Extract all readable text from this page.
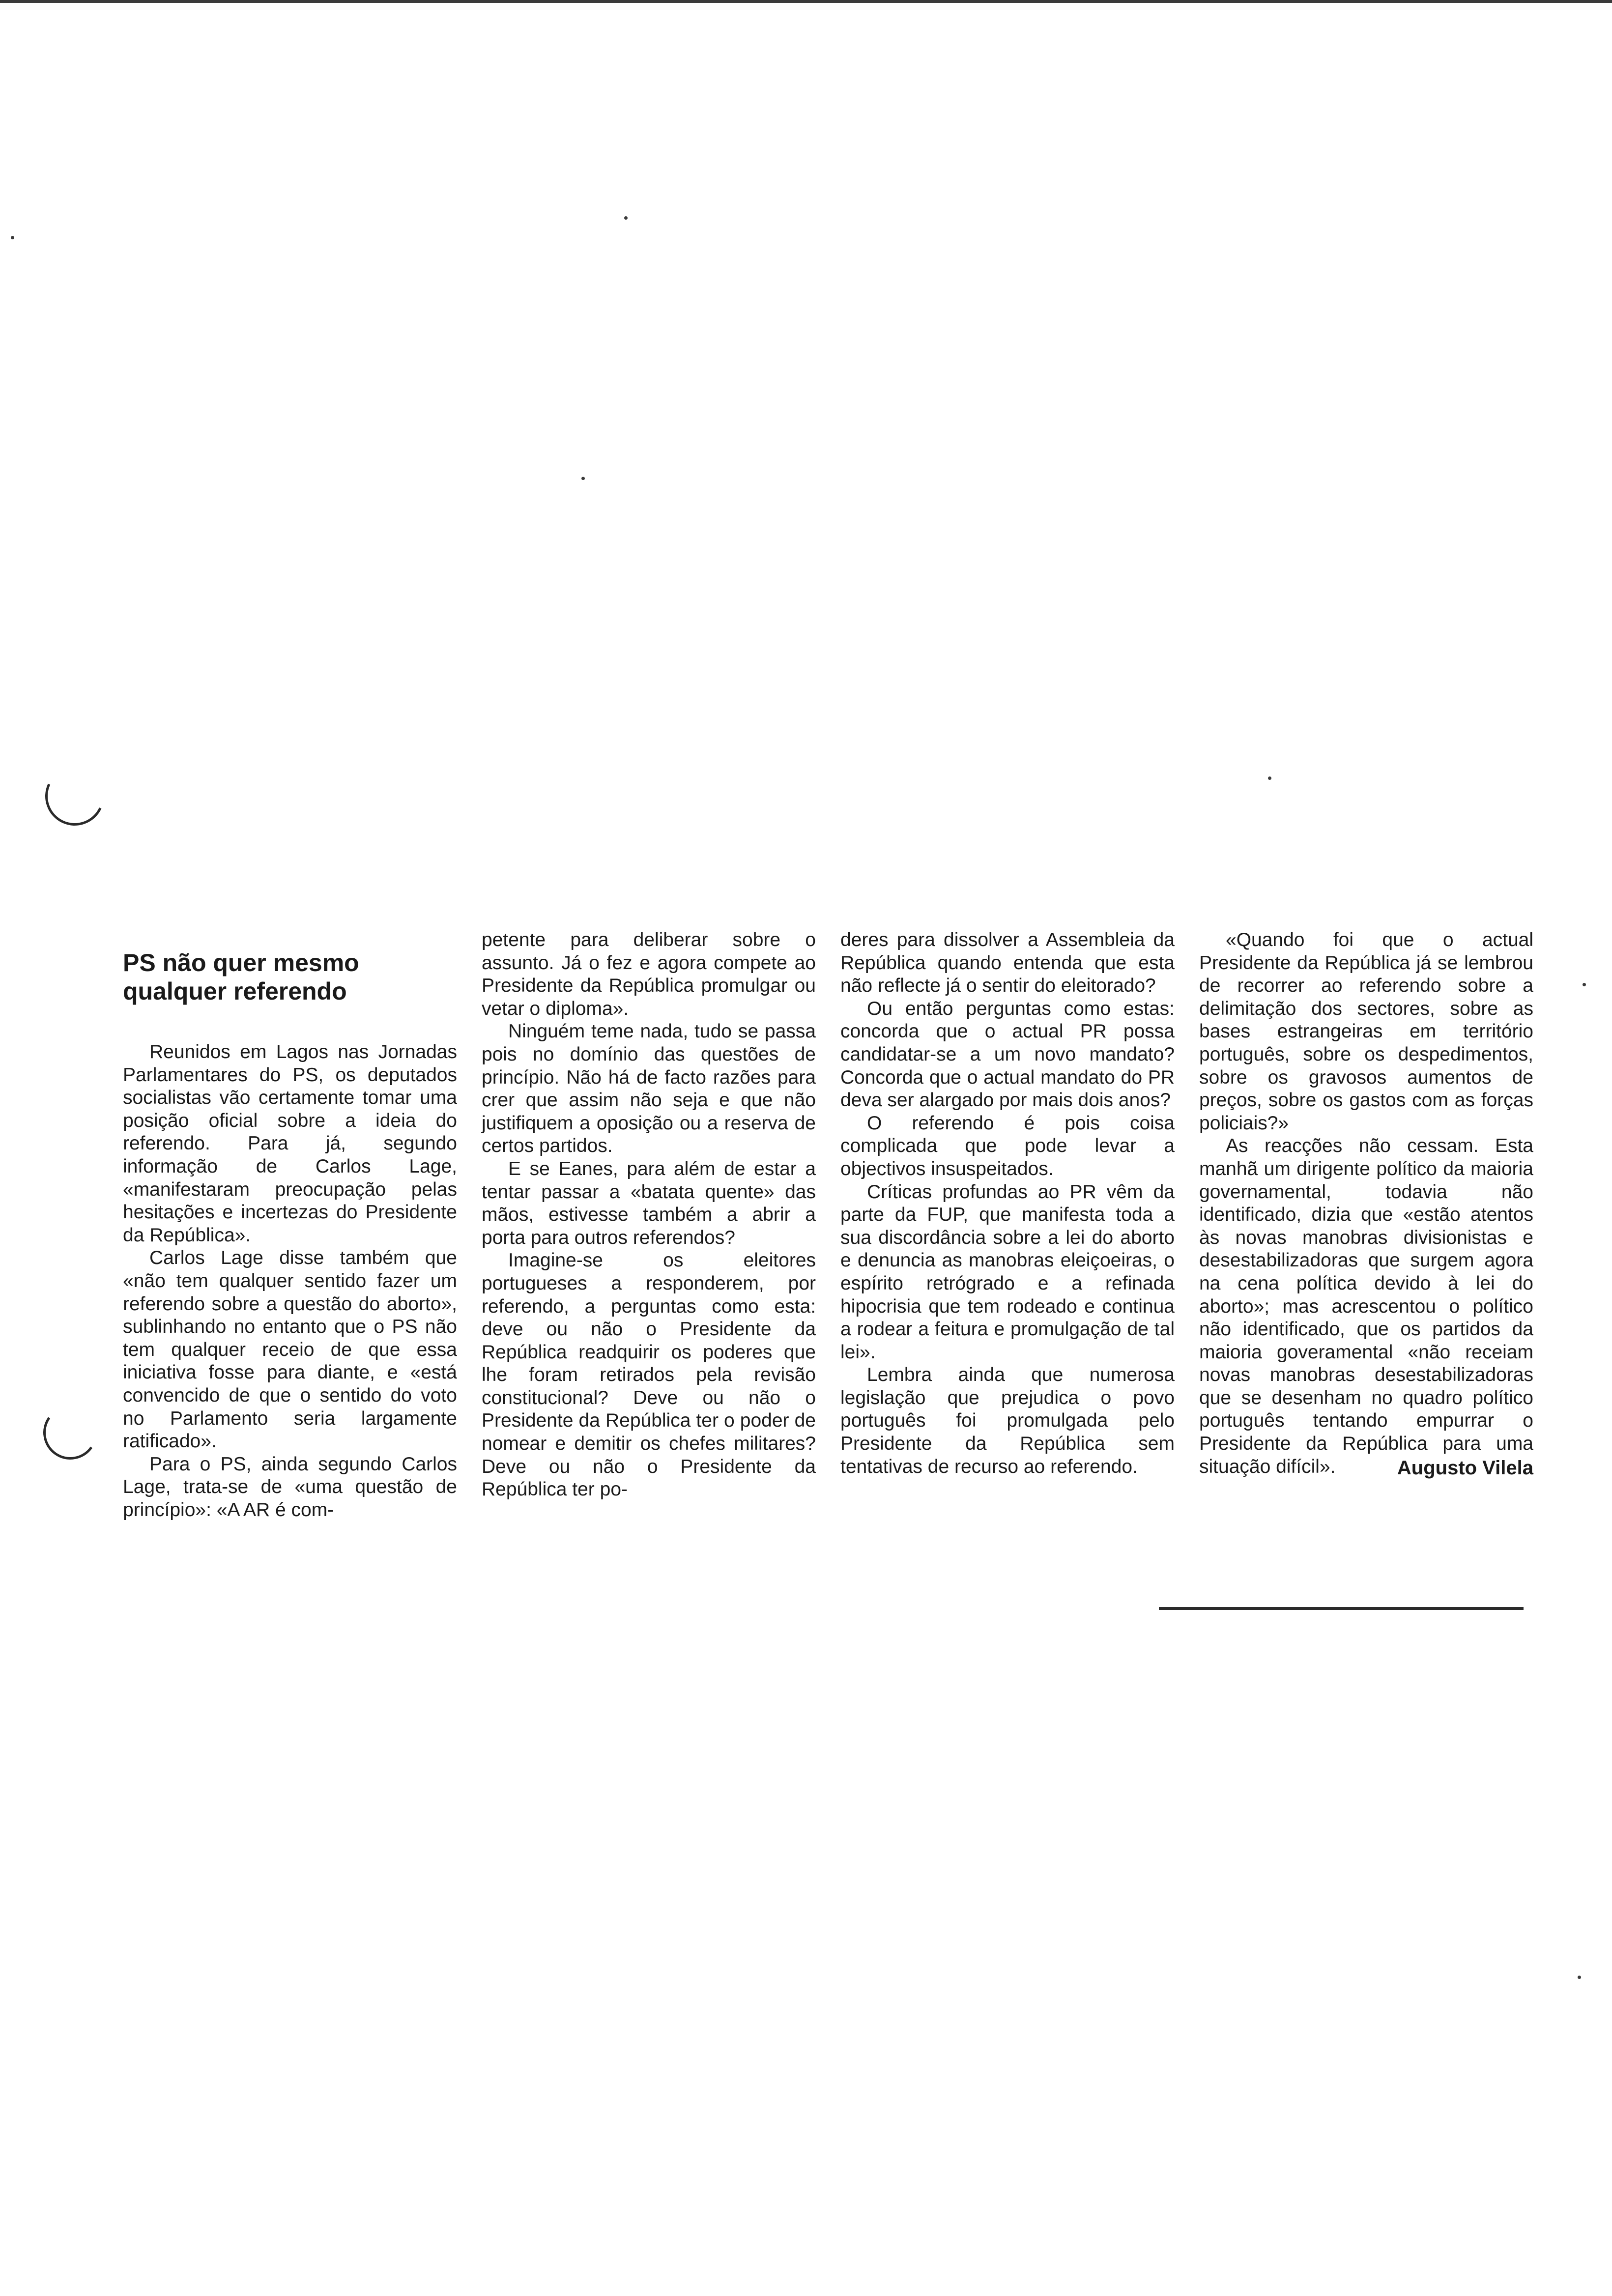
PS não quer mesmo qualquer referendo

Reunidos em Lagos nas Jornadas Parlamentares do PS, os deputados socialistas vão certamente tomar uma posição oficial sobre a ideia do referendo. Para já, segundo informação de Carlos Lage, «manifestaram preocupação pelas hesitações e incertezas do Presidente da República».

Carlos Lage disse também que «não tem qualquer sentido fazer um referendo sobre a questão do aborto», sublinhando no entanto que o PS não tem qualquer receio de que essa iniciativa fosse para diante, e «está convencido de que o sentido do voto no Parlamento seria largamente ratificado».

Para o PS, ainda segundo Carlos Lage, trata-se de «uma questão de princípio»: «A AR é com-

petente para deliberar sobre o assunto. Já o fez e agora compete ao Presidente da República promulgar ou vetar o diploma».

Ninguém teme nada, tudo se passa pois no domínio das questões de princípio. Não há de facto razões para crer que assim não seja e que não justifiquem a oposição ou a reserva de certos partidos.

E se Eanes, para além de estar a tentar passar a «batata quente» das mãos, estivesse também a abrir a porta para outros referendos?

Imagine-se os eleitores portugueses a responderem, por referendo, a perguntas como esta: deve ou não o Presidente da República readquirir os poderes que lhe foram retirados pela revisão constitucional? Deve ou não o Presidente da República ter o poder de nomear e demitir os chefes militares? Deve ou não o Presidente da República ter po-

deres para dissolver a Assembleia da República quando entenda que esta não reflecte já o sentir do eleitorado?

Ou então perguntas como estas: concorda que o actual PR possa candidatar-se a um novo mandato? Concorda que o actual mandato do PR deva ser alargado por mais dois anos?

O referendo é pois coisa complicada que pode levar a objectivos insuspeitados.

Críticas profundas ao PR vêm da parte da FUP, que manifesta toda a sua discordância sobre a lei do aborto e denuncia as manobras eleiçoeiras, o espírito retrógrado e a refinada hipocrisia que tem rodeado e continua a rodear a feitura e promulgação de tal lei».

Lembra ainda que numerosa legislação que prejudica o povo português foi promulgada pelo Presidente da República sem tentativas de recurso ao referendo.

«Quando foi que o actual Presidente da República já se lembrou de recorrer ao referendo sobre a delimitação dos sectores, sobre as bases estrangeiras em território português, sobre os despedimentos, sobre os gravosos aumentos de preços, sobre os gastos com as forças policiais?»

As reacções não cessam. Esta manhã um dirigente político da maioria governamental, todavia não identificado, dizia que «estão atentos às novas manobras divisionistas e desestabilizadoras que surgem agora na cena política devido à lei do aborto»; mas acrescentou o político não identificado, que os partidos da maioria goveramental «não receiam novas manobras desestabilizadoras que se desenham no quadro político português tentando empurrar o Presidente da República para uma situação difícil».	Augusto Vilela
